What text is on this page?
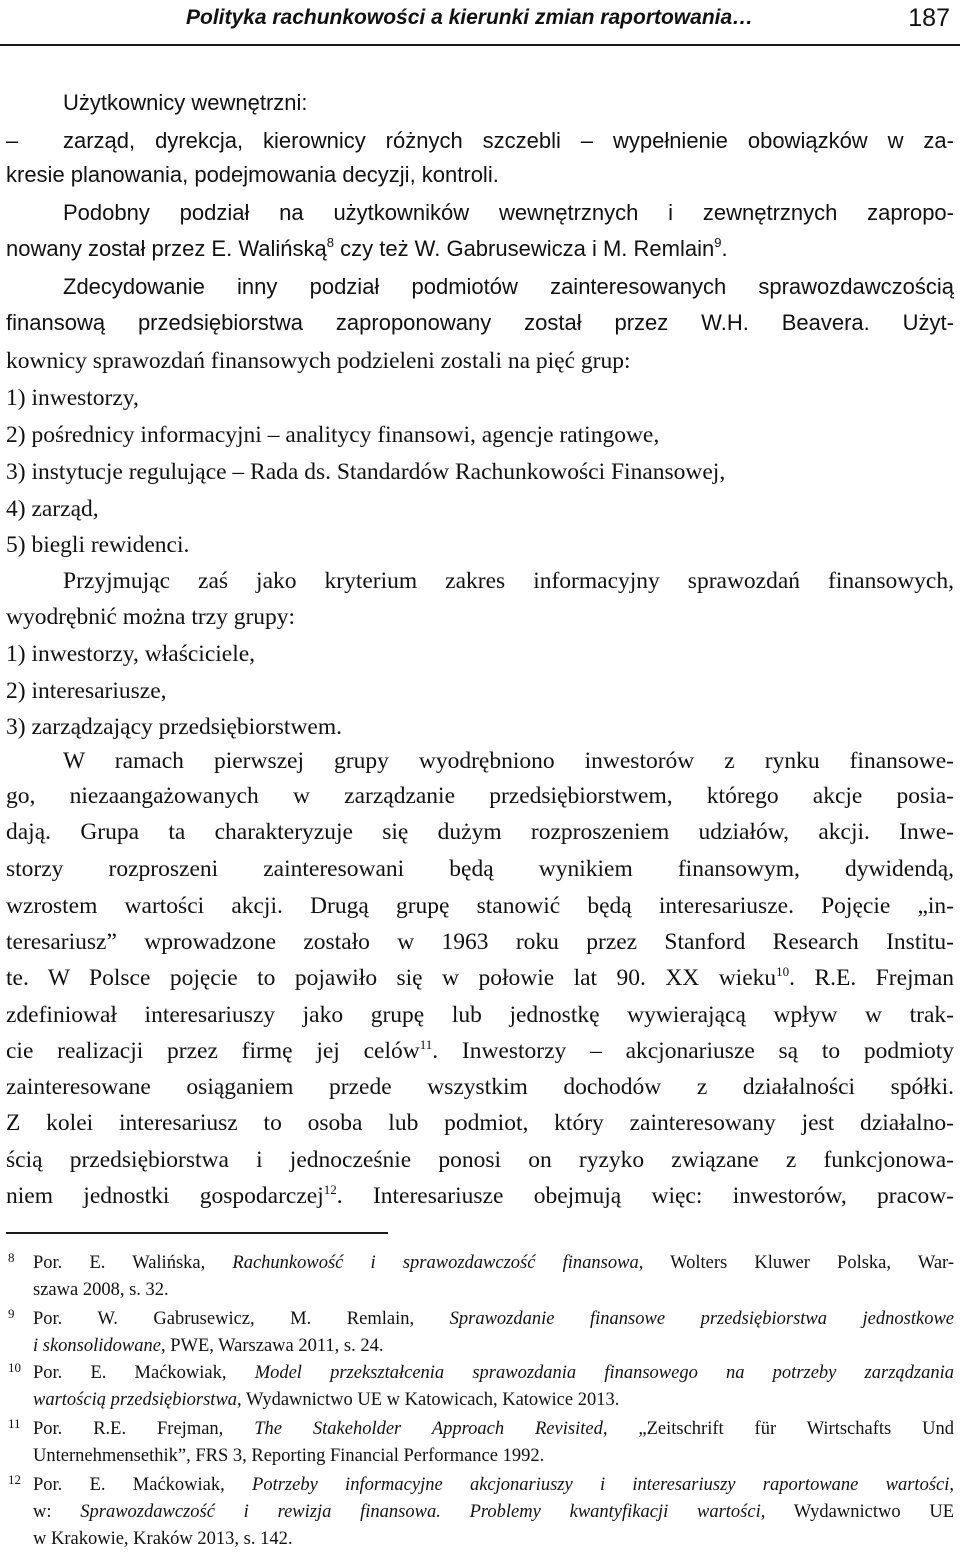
Polityka rachunkowości a kierunki zmian raportowania…	187
Użytkownicy wewnętrzni:
– zarząd, dyrekcja, kierownicy różnych szczebli – wypełnienie obowiązków w za-
kresie planowania, podejmowania decyzji, kontroli.
Podobny podział na użytkowników wewnętrznych i zewnętrznych zapropo-
nowany został przez E. Walińską$^8$ czy też W. Gabrusewicza i M. Remlain$^9$.
Zdecydowanie inny podział podmiotów zainteresowanych sprawozdawczością
finansową przedsiębiorstwa zaproponowany został przez W.H. Beavera. Użyt-
kownicy sprawozdań finansowych podzieleni zostali na pięć grup:
1) inwestorzy,
2) pośrednicy informacyjni – analitycy finansowi, agencje ratingowe,
3) instytucje regulujące – Rada ds. Standardów Rachunkowości Finansowej,
4) zarząd,
5) biegli rewidenci.
Przyjmując zaś jako kryterium zakres informacyjny sprawozdań finansowych,
wyodrębnić można trzy grupy:
1) inwestorzy, właściciele,
2) interesariusze,
3) zarządzający przedsiębiorstwem.
W ramach pierwszej grupy wyodrębniono inwestorów z rynku finansowe-
go, niezaangażowanych w zarządzanie przedsiębiorstwem, którego akcje posia-
dają. Grupa ta charakteryzuje się dużym rozproszeniem udziałów, akcji. Inwe-
storzy rozproszeni zainteresowani będą wynikiem finansowym, dywidendą,
wzrostem wartości akcji. Drugą grupę stanowić będą interesariusze. Pojęcie „in-
teresariusz” wprowadzone zostało w 1963 roku przez Stanford Research Institu-
te. W Polsce pojęcie to pojawiło się w połowie lat 90. XX wieku$^{10}$. R.E. Frejman
zdefiniował interesariuszy jako grupę lub jednostkę wywierającą wpływ w trak-
cie realizacji przez firmę jej celów$^{11}$. Inwestorzy – akcjonariusze są to podmioty
zainteresowane osiąganiem przede wszystkim dochodów z działalności spółki.
Z kolei interesariusz to osoba lub podmiot, który zainteresowany jest działalno-
ścią przedsiębiorstwa i jednocześnie ponosi on ryzyko związane z funkcjonowa-
niem jednostki gospodarczej$^{12}$. Interesariusze obejmują więc: inwestorów, pracow-
8	Por. E. Walińska, Rachunkowość i sprawozdawczość finansowa, Wolters Kluwer Polska, War-
szawa 2008, s. 32.
9	Por. W. Gabrusewicz, M. Remlain, Sprawozdanie finansowe przedsiębiorstwa jednostkowe
i skonsolidowane, PWE, Warszawa 2011, s. 24.
10 Por. E. Maćkowiak, Model przekształcenia sprawozdania finansowego na potrzeby zarządzania
wartością przedsiębiorstwa, Wydawnictwo UE w Katowicach, Katowice 2013.
11 Por. R.E. Frejman, The Stakeholder Approach Revisited, „Zeitschrift für Wirtschafts Und
Unternehmensethik”, FRS 3, Reporting Financial Performance 1992.
12 Por. E. Maćkowiak, Potrzeby informacyjne akcjonariuszy i interesariuszy raportowane wartości,
w: Sprawozdawczość i rewizja finansowa. Problemy kwantyfikacji wartości, Wydawnictwo UE
w Krakowie, Kraków 2013, s. 142.
